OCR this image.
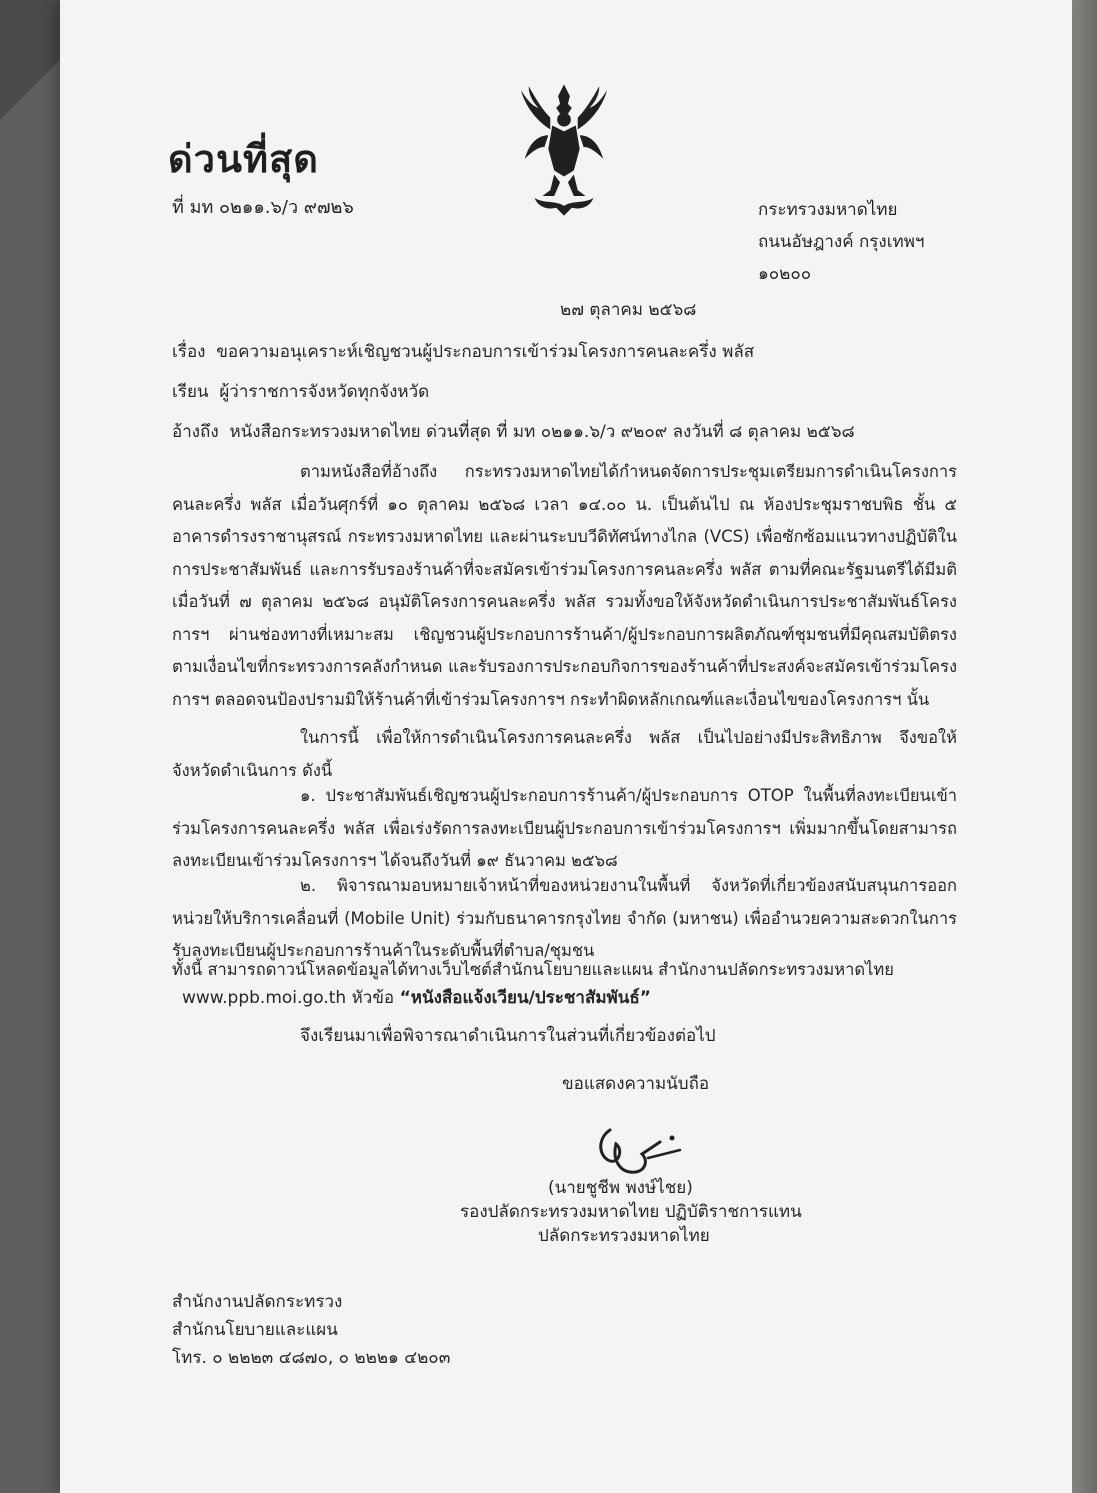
ด่วนที่สุด
ที่ มท ๐๒๑๑.๖/ว ๙๗๒๖	กระทรวงมหาดไทย
ถนนอัษฎางค์ กรุงเทพฯ
๑๐๒๐๐
๒๗ ตุลาคม ๒๕๖๘
เรื่อง ขอความอนุเคราะห์เชิญชวนผู้ประกอบการเข้าร่วมโครงการคนละครึ่ง พลัส
เรียน ผู้ว่าราชการจังหวัดทุกจังหวัด
อ้างถึง หนังสือกระทรวงมหาดไทย ด่วนที่สุด ที่ มท ๐๒๑๑.๖/ว ๙๒๐๙ ลงวันที่ ๘ ตุลาคม ๒๕๖๘
ตามหนังสือที่อ้างถึง กระทรวงมหาดไทยได้กำหนดจัดการประชุมเตรียมการดำเนินโครงการคนละครึ่ง พลัส เมื่อวันศุกร์ที่ ๑๐ ตุลาคม ๒๕๖๘ เวลา ๑๔.๐๐ น. เป็นต้นไป ณ ห้องประชุมราชบพิธ ชั้น ๕ อาคารดำรงราชานุสรณ์ กระทรวงมหาดไทย และผ่านระบบวีดิทัศน์ทางไกล (VCS) เพื่อซักซ้อมแนวทางปฏิบัติในการประชาสัมพันธ์ และการรับรองร้านค้าที่จะสมัครเข้าร่วมโครงการคนละครึ่ง พลัส ตามที่คณะรัฐมนตรีได้มีมติเมื่อวันที่ ๗ ตุลาคม ๒๕๖๘ อนุมัติโครงการคนละครึ่ง พลัส รวมทั้งขอให้จังหวัดดำเนินการประชาสัมพันธ์โครงการฯ ผ่านช่องทางที่เหมาะสม เชิญชวนผู้ประกอบการร้านค้า/ผู้ประกอบการผลิตภัณฑ์ชุมชนที่มีคุณสมบัติตรงตามเงื่อนไขที่กระทรวงการคลังกำหนด และรับรองการประกอบกิจการของร้านค้าที่ประสงค์จะสมัครเข้าร่วมโครงการฯ ตลอดจนป้องปรามมิให้ร้านค้าที่เข้าร่วมโครงการฯ กระทำผิดหลักเกณฑ์และเงื่อนไขของโครงการฯ นั้น
ในการนี้ เพื่อให้การดำเนินโครงการคนละครึ่ง พลัส เป็นไปอย่างมีประสิทธิภาพ จึงขอให้จังหวัดดำเนินการ ดังนี้
๑. ประชาสัมพันธ์เชิญชวนผู้ประกอบการร้านค้า/ผู้ประกอบการ OTOP ในพื้นที่ลงทะเบียนเข้าร่วมโครงการคนละครึ่ง พลัส เพื่อเร่งรัดการลงทะเบียนผู้ประกอบการเข้าร่วมโครงการฯ เพิ่มมากขึ้นโดยสามารถลงทะเบียนเข้าร่วมโครงการฯ ได้จนถึงวันที่ ๑๙ ธันวาคม ๒๕๖๘
๒. พิจารณามอบหมายเจ้าหน้าที่ของหน่วยงานในพื้นที่ จังหวัดที่เกี่ยวข้องสนับสนุนการออกหน่วยให้บริการเคลื่อนที่ (Mobile Unit) ร่วมกับธนาคารกรุงไทย จำกัด (มหาชน) เพื่ออำนวยความสะดวกในการรับลงทะเบียนผู้ประกอบการร้านค้าในระดับพื้นที่ตำบล/ชุมชน
ทั้งนี้ สามารถดาวน์โหลดข้อมูลได้ทางเว็บไซต์สำนักนโยบายและแผน สำนักงานปลัดกระทรวงมหาดไทย
www.ppb.moi.go.th หัวข้อ “หนังสือแจ้งเวียน/ประชาสัมพันธ์”
จึงเรียนมาเพื่อพิจารณาดำเนินการในส่วนที่เกี่ยวข้องต่อไป
ขอแสดงความนับถือ
(นายชูชีพ พงษ์ไชย)
รองปลัดกระทรวงมหาดไทย ปฏิบัติราชการแทน
ปลัดกระทรวงมหาดไทย
สำนักงานปลัดกระทรวง
สำนักนโยบายและแผน
โทร. ๐ ๒๒๒๓ ๔๘๗๐, ๐ ๒๒๒๑ ๔๒๐๓
